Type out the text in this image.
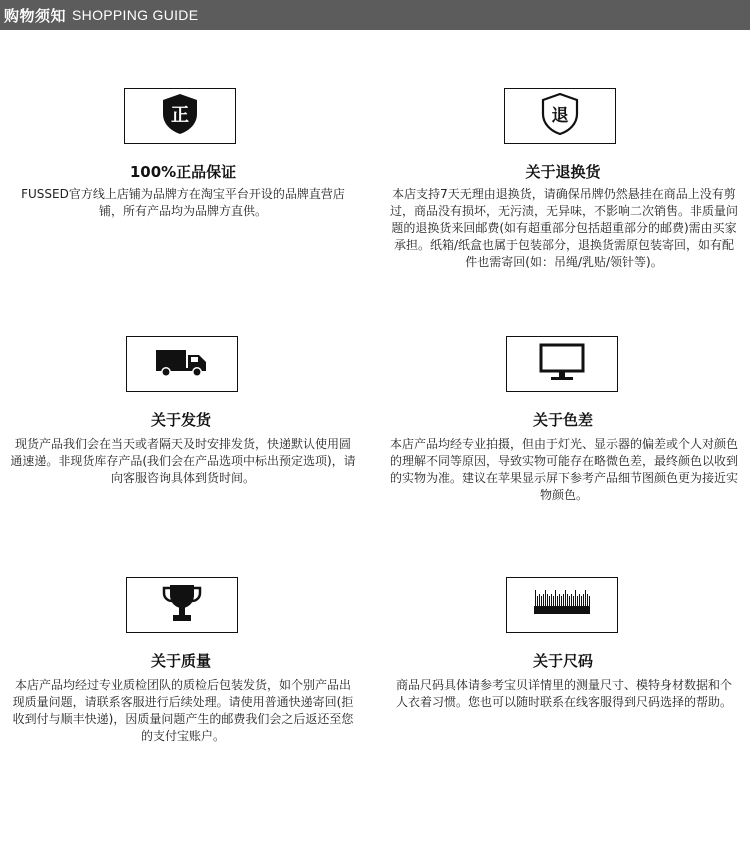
购物须知 SHOPPING GUIDE
正
100%正品保证
FUSSED官方线上店铺为品牌方在淘宝平台开设的品牌直营店铺，所有产品均为品牌方直供。
退
关于退换货
本店支持7天无理由退换货，请确保吊牌仍然悬挂在商品上没有剪过，商品没有损坏，无污渍，无异味，不影响二次销售。非质量问题的退换货来回邮费(如有超重部分包括超重部分的邮费)需由买家承担。纸箱/纸盒也属于包装部分，退换货需原包装寄回，如有配件也需寄回(如：吊绳/乳贴/领针等)。
关于发货
现货产品我们会在当天或者隔天及时安排发货，快递默认使用圆通速递。非现货库存产品(我们会在产品选项中标出预定选项)，请向客服咨询具体到货时间。
关于色差
本店产品均经专业拍摄，但由于灯光、显示器的偏差或个人对颜色的理解不同等原因，导致实物可能存在略微色差，最终颜色以收到的实物为准。建议在苹果显示屏下参考产品细节图颜色更为接近实物颜色。
关于质量
本店产品均经过专业质检团队的质检后包装发货，如个别产品出现质量问题，请联系客服进行后续处理。请使用普通快递寄回(拒收到付与顺丰快递)，因质量问题产生的邮费我们会之后返还至您的支付宝账户。
关于尺码
商品尺码具体请参考宝贝详情里的测量尺寸、模特身材数据和个人衣着习惯。您也可以随时联系在线客服得到尺码选择的帮助。
